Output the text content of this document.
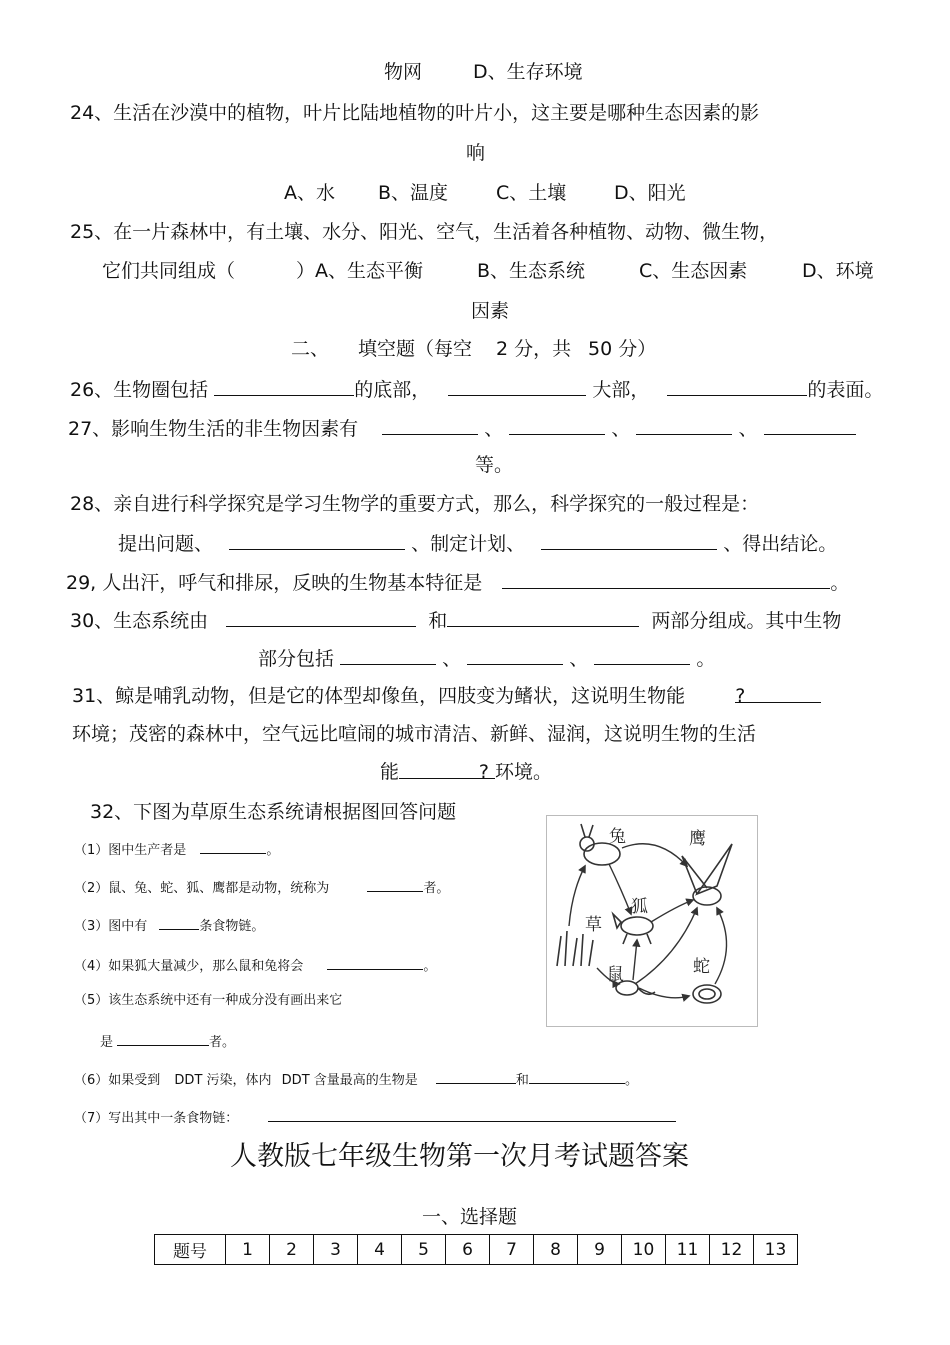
物网	D、生存环境
24、生活在沙漠中的植物，叶片比陆地植物的叶片小，这主要是哪种生态因素的影
响
A、水 B、温度	C、土壤	D、阳光
25、在一片森林中，有土壤、水分、阳光、空气，生活着各种植物、动物、微生物，
它们共同组成（	）A、生态平衡	B、生态系统	C、生态因素	D、环境
因素
二、 填空题（每空 2 分，共 50 分）
26、生物圈包括	的底部，	大部，	的表面。
27、影响生物生活的非生物因素有	、	、	、
等。
28、亲自进行科学探究是学习生物学的重要方式，那么，科学探究的一般过程是：
提出问题、	、制定计划、	、得出结论。
29, 人出汗，呼气和排尿，反映的生物基本特征是	。
30、生态系统由	和	两部分组成。其中生物
部分包括	、	、	。
31、鲸是哺乳动物，但是它的体型却像鱼，四肢变为鳍状，这说明生物能	?
环境；茂密的森林中，空气远比喧闹的城市清洁、新鲜、湿润，这说明生物的生活
能	? 环境。
32、下图为草原生态系统请根据图回答问题
（1）图中生产者是	。
（2）鼠、兔、蛇、狐、鹰都是动物，统称为	者。
（3）图中有	条食物链。
（4）如果狐大量减少，那么鼠和兔将会	。
（5）该生态系统中还有一种成分没有画出来它
是	者。
（6）如果受到 DDT 污染，体内 DDT 含量最高的生物是	和	。
（7）写出其中一条食物链：
兔	鹰
狐
草
鼠	蛇
人教版七年级生物第一次月考试题答案
一、选择题
题号	1	2	3	4	5	6	7	8	9	10	11	12	13
